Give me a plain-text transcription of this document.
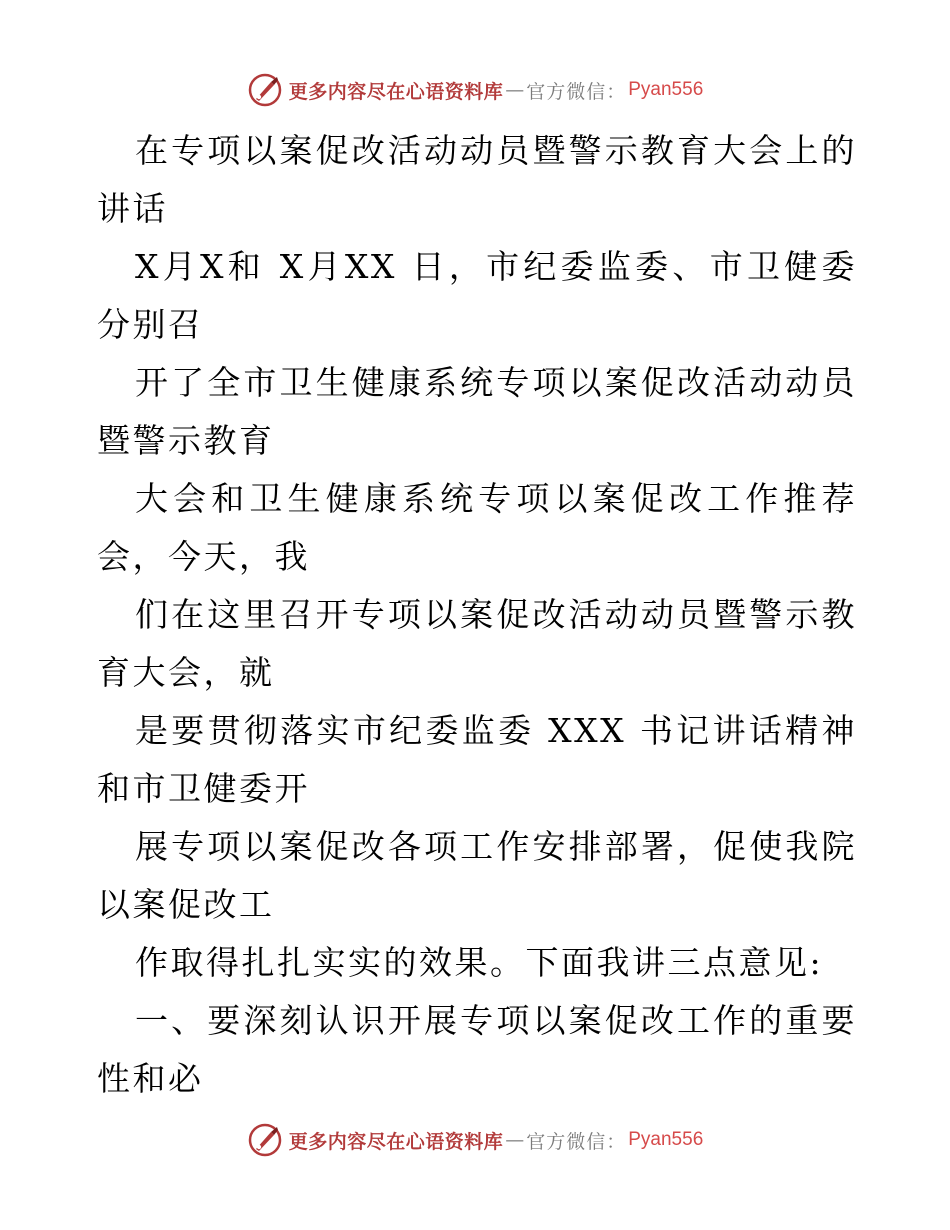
更多内容尽在心语资料库 — 官方微信： Pyan556

在专项以案促改活动动员暨警示教育大会上的讲话

X月X和 X月XX 日，市纪委监委、市卫健委分别召

开了全市卫生健康系统专项以案促改活动动员暨警示教育

大会和卫生健康系统专项以案促改工作推荐会，今天，我

们在这里召开专项以案促改活动动员暨警示教育大会，就

是要贯彻落实市纪委监委 XXX 书记讲话精神和市卫健委开

展专项以案促改各项工作安排部署，促使我院以案促改工

作取得扎扎实实的效果。下面我讲三点意见:

一、要深刻认识开展专项以案促改工作的重要性和必

更多内容尽在心语资料库 — 官方微信： Pyan556
